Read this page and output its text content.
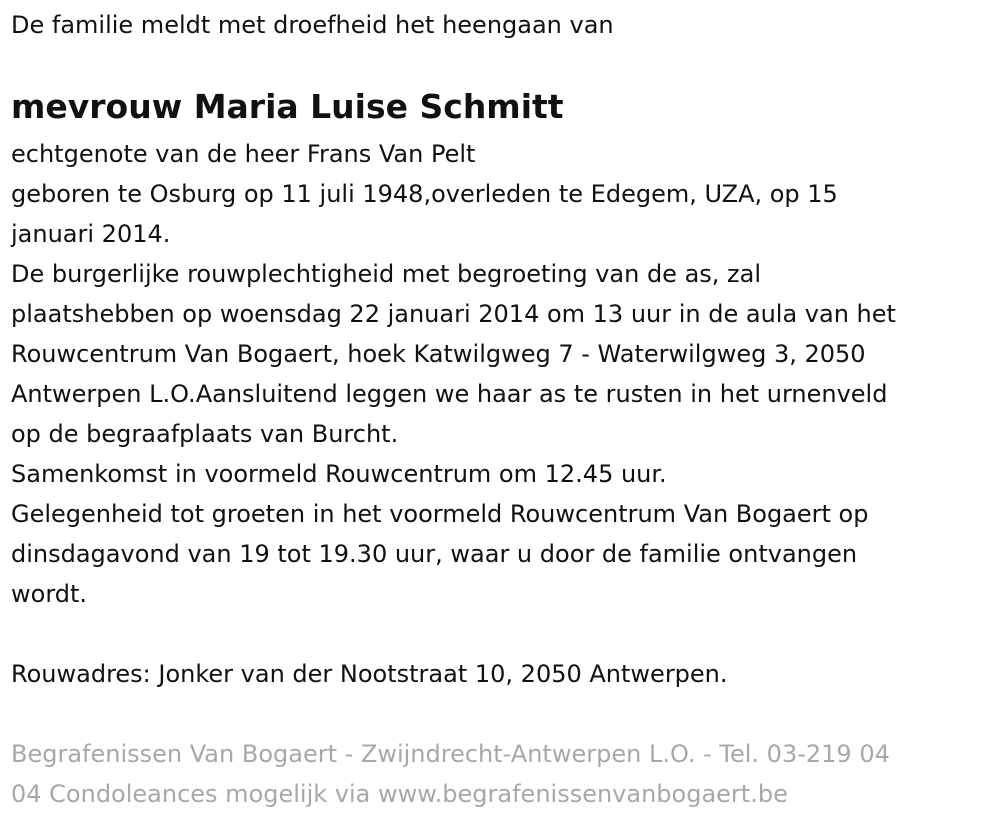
De familie meldt met droefheid het heengaan van
mevrouw Maria Luise Schmitt
echtgenote van de heer Frans Van Pelt
geboren te Osburg op 11 juli 1948,overleden te Edegem, UZA, op 15
januari 2014.
De burgerlijke rouwplechtigheid met begroeting van de as, zal
plaatshebben op woensdag 22 januari 2014 om 13 uur in de aula van het
Rouwcentrum Van Bogaert, hoek Katwilgweg 7 - Waterwilgweg 3, 2050
Antwerpen L.O.Aansluitend leggen we haar as te rusten in het urnenveld
op de begraafplaats van Burcht.
Samenkomst in voormeld Rouwcentrum om 12.45 uur.
Gelegenheid tot groeten in het voormeld Rouwcentrum Van Bogaert op
dinsdagavond van 19 tot 19.30 uur, waar u door de familie ontvangen
wordt.
Rouwadres: Jonker van der Nootstraat 10, 2050 Antwerpen.
Begrafenissen Van Bogaert - Zwijndrecht-Antwerpen L.O. - Tel. 03-219 04
04 Condoleances mogelijk via www.begrafenissenvanbogaert.be
